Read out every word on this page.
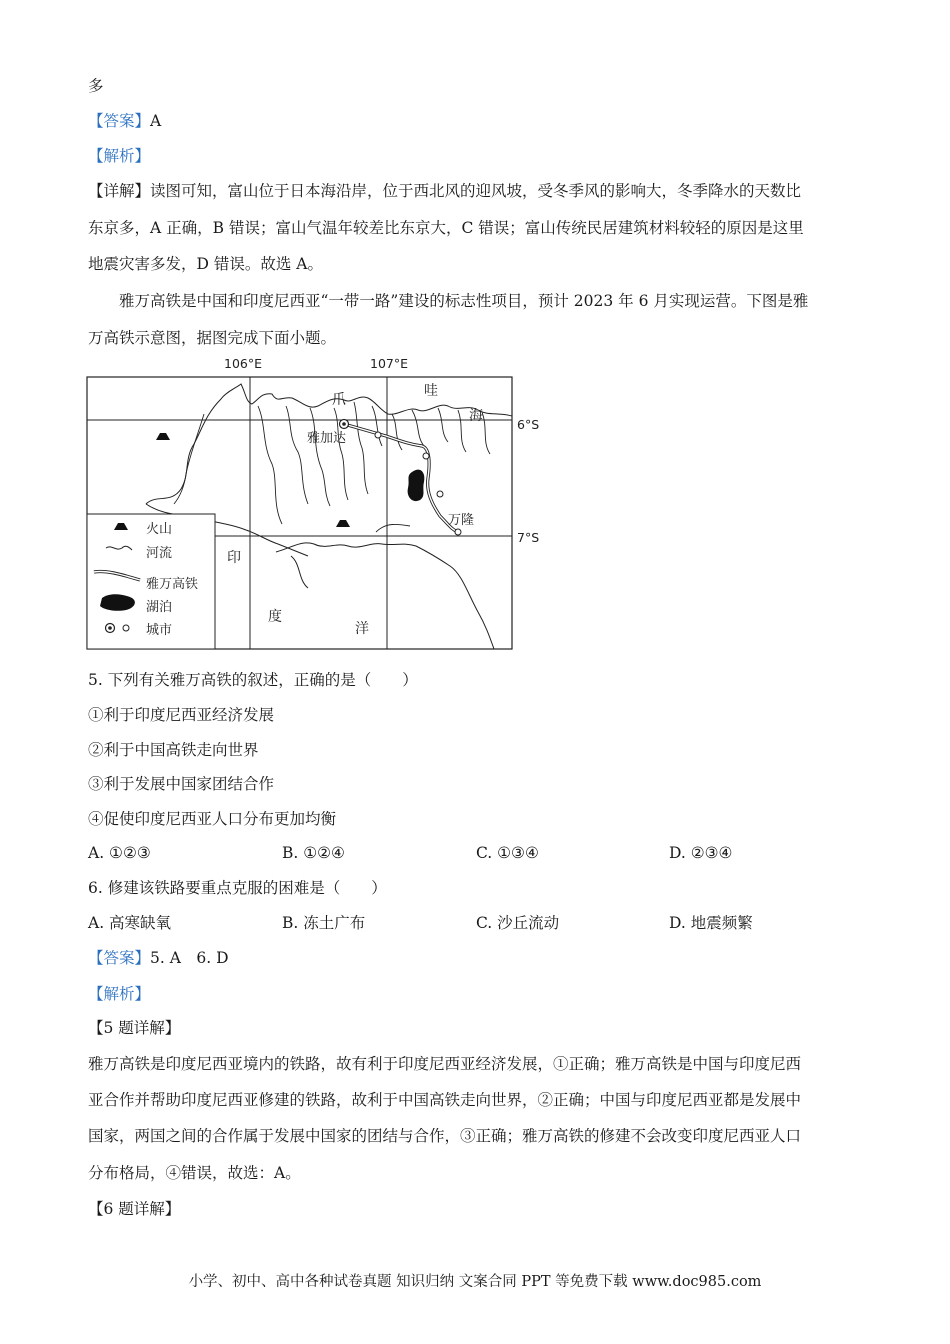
多
【答案】A
【解析】
【详解】读图可知，富山位于日本海沿岸，位于西北风的迎风坡，受冬季风的影响大，冬季降水的天数比
东京多，A 正确，B 错误；富山气温年较差比东京大，C 错误；富山传统民居建筑材料较轻的原因是这里
地震灾害多发，D 错误。故选 A。
雅万高铁是中国和印度尼西亚“一带一路”建设的标志性项目，预计 2023 年 6 月实现运营。下图是雅
万高铁示意图，据图完成下面小题。
106°E	107°E
6°S
7°S
爪
哇
海
雅加达
万隆
印
度
洋
火山
河流
雅万高铁
湖泊
城市
5. 下列有关雅万高铁的叙述，正确的是（　　）
①利于印度尼西亚经济发展
②利于中国高铁走向世界
③利于发展中国家团结合作
④促使印度尼西亚人口分布更加均衡
A. ①②③	B. ①②④	C. ①③④	D. ②③④
6. 修建该铁路要重点克服的困难是（　　）
A. 高寒缺氧	B. 冻土广布	C. 沙丘流动	D. 地震频繁
【答案】5. A　6. D
【解析】
【5 题详解】
雅万高铁是印度尼西亚境内的铁路，故有利于印度尼西亚经济发展，①正确；雅万高铁是中国与印度尼西
亚合作并帮助印度尼西亚修建的铁路，故利于中国高铁走向世界，②正确；中国与印度尼西亚都是发展中
国家，两国之间的合作属于发展中国家的团结与合作，③正确；雅万高铁的修建不会改变印度尼西亚人口
分布格局，④错误，故选：A。
【6 题详解】
小学、初中、高中各种试卷真题 知识归纳 文案合同 PPT 等免费下载 www.doc985.com
